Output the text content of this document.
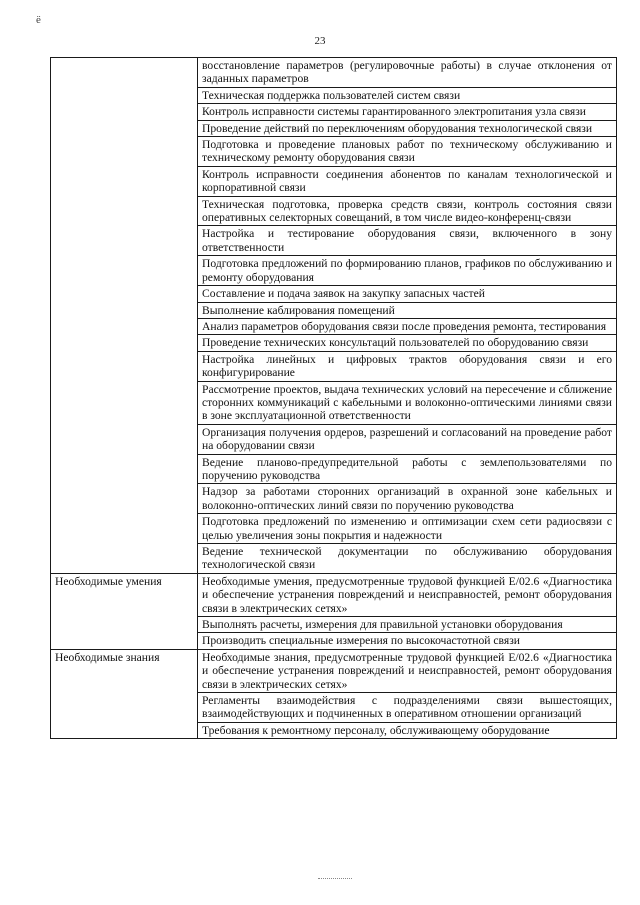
ё
23
	восстановление параметров (регулировочные работы) в случае отклонения от заданных параметров
	Техническая поддержка пользователей систем связи
	Контроль исправности системы гарантированного электропитания узла связи
	Проведение действий по переключениям оборудования технологической связи
	Подготовка и проведение плановых работ по техническому обслуживанию и техническому ремонту оборудования связи
	Контроль исправности соединения абонентов по каналам технологической и корпоративной связи
	Техническая подготовка, проверка средств связи, контроль состояния связи оперативных селекторных совещаний, в том числе видео-конференц-связи
	Настройка и тестирование оборудования связи, включенного в зону ответственности
	Подготовка предложений по формированию планов, графиков по обслуживанию и ремонту оборудования
	Составление и подача заявок на закупку запасных частей
	Выполнение каблирования помещений
	Анализ параметров оборудования связи после проведения ремонта, тестирования
	Проведение технических консультаций пользователей по оборудованию связи
	Настройка линейных и цифровых трактов оборудования связи и его конфигурирование
	Рассмотрение проектов, выдача технических условий на пересечение и сближение сторонних коммуникаций с кабельными и волоконно-оптическими линиями связи в зоне эксплуатационной ответственности
	Организация получения ордеров, разрешений и согласований на проведение работ на оборудовании связи
	Ведение планово-предупредительной работы с землепользователями по поручению руководства
	Надзор за работами сторонних организаций в охранной зоне кабельных и волоконно-оптических линий связи по поручению руководства
	Подготовка предложений по изменению и оптимизации схем сети радиосвязи с целью увеличения зоны покрытия и надежности
	Ведение технической документации по обслуживанию оборудования технологической связи
Необходимые умения	Необходимые умения, предусмотренные трудовой функцией E/02.6 «Диагностика и обеспечение устранения повреждений и неисправностей, ремонт оборудования связи в электрических сетях»
	Выполнять расчеты, измерения для правильной установки оборудования
	Производить специальные измерения по высокочастотной связи
Необходимые знания	Необходимые знания, предусмотренные трудовой функцией E/02.6 «Диагностика и обеспечение устранения повреждений и неисправностей, ремонт оборудования связи в электрических сетях»
	Регламенты взаимодействия с подразделениями связи вышестоящих, взаимодействующих и подчиненных в оперативном отношении организаций
	Требования к ремонтному персоналу, обслуживающему оборудование
